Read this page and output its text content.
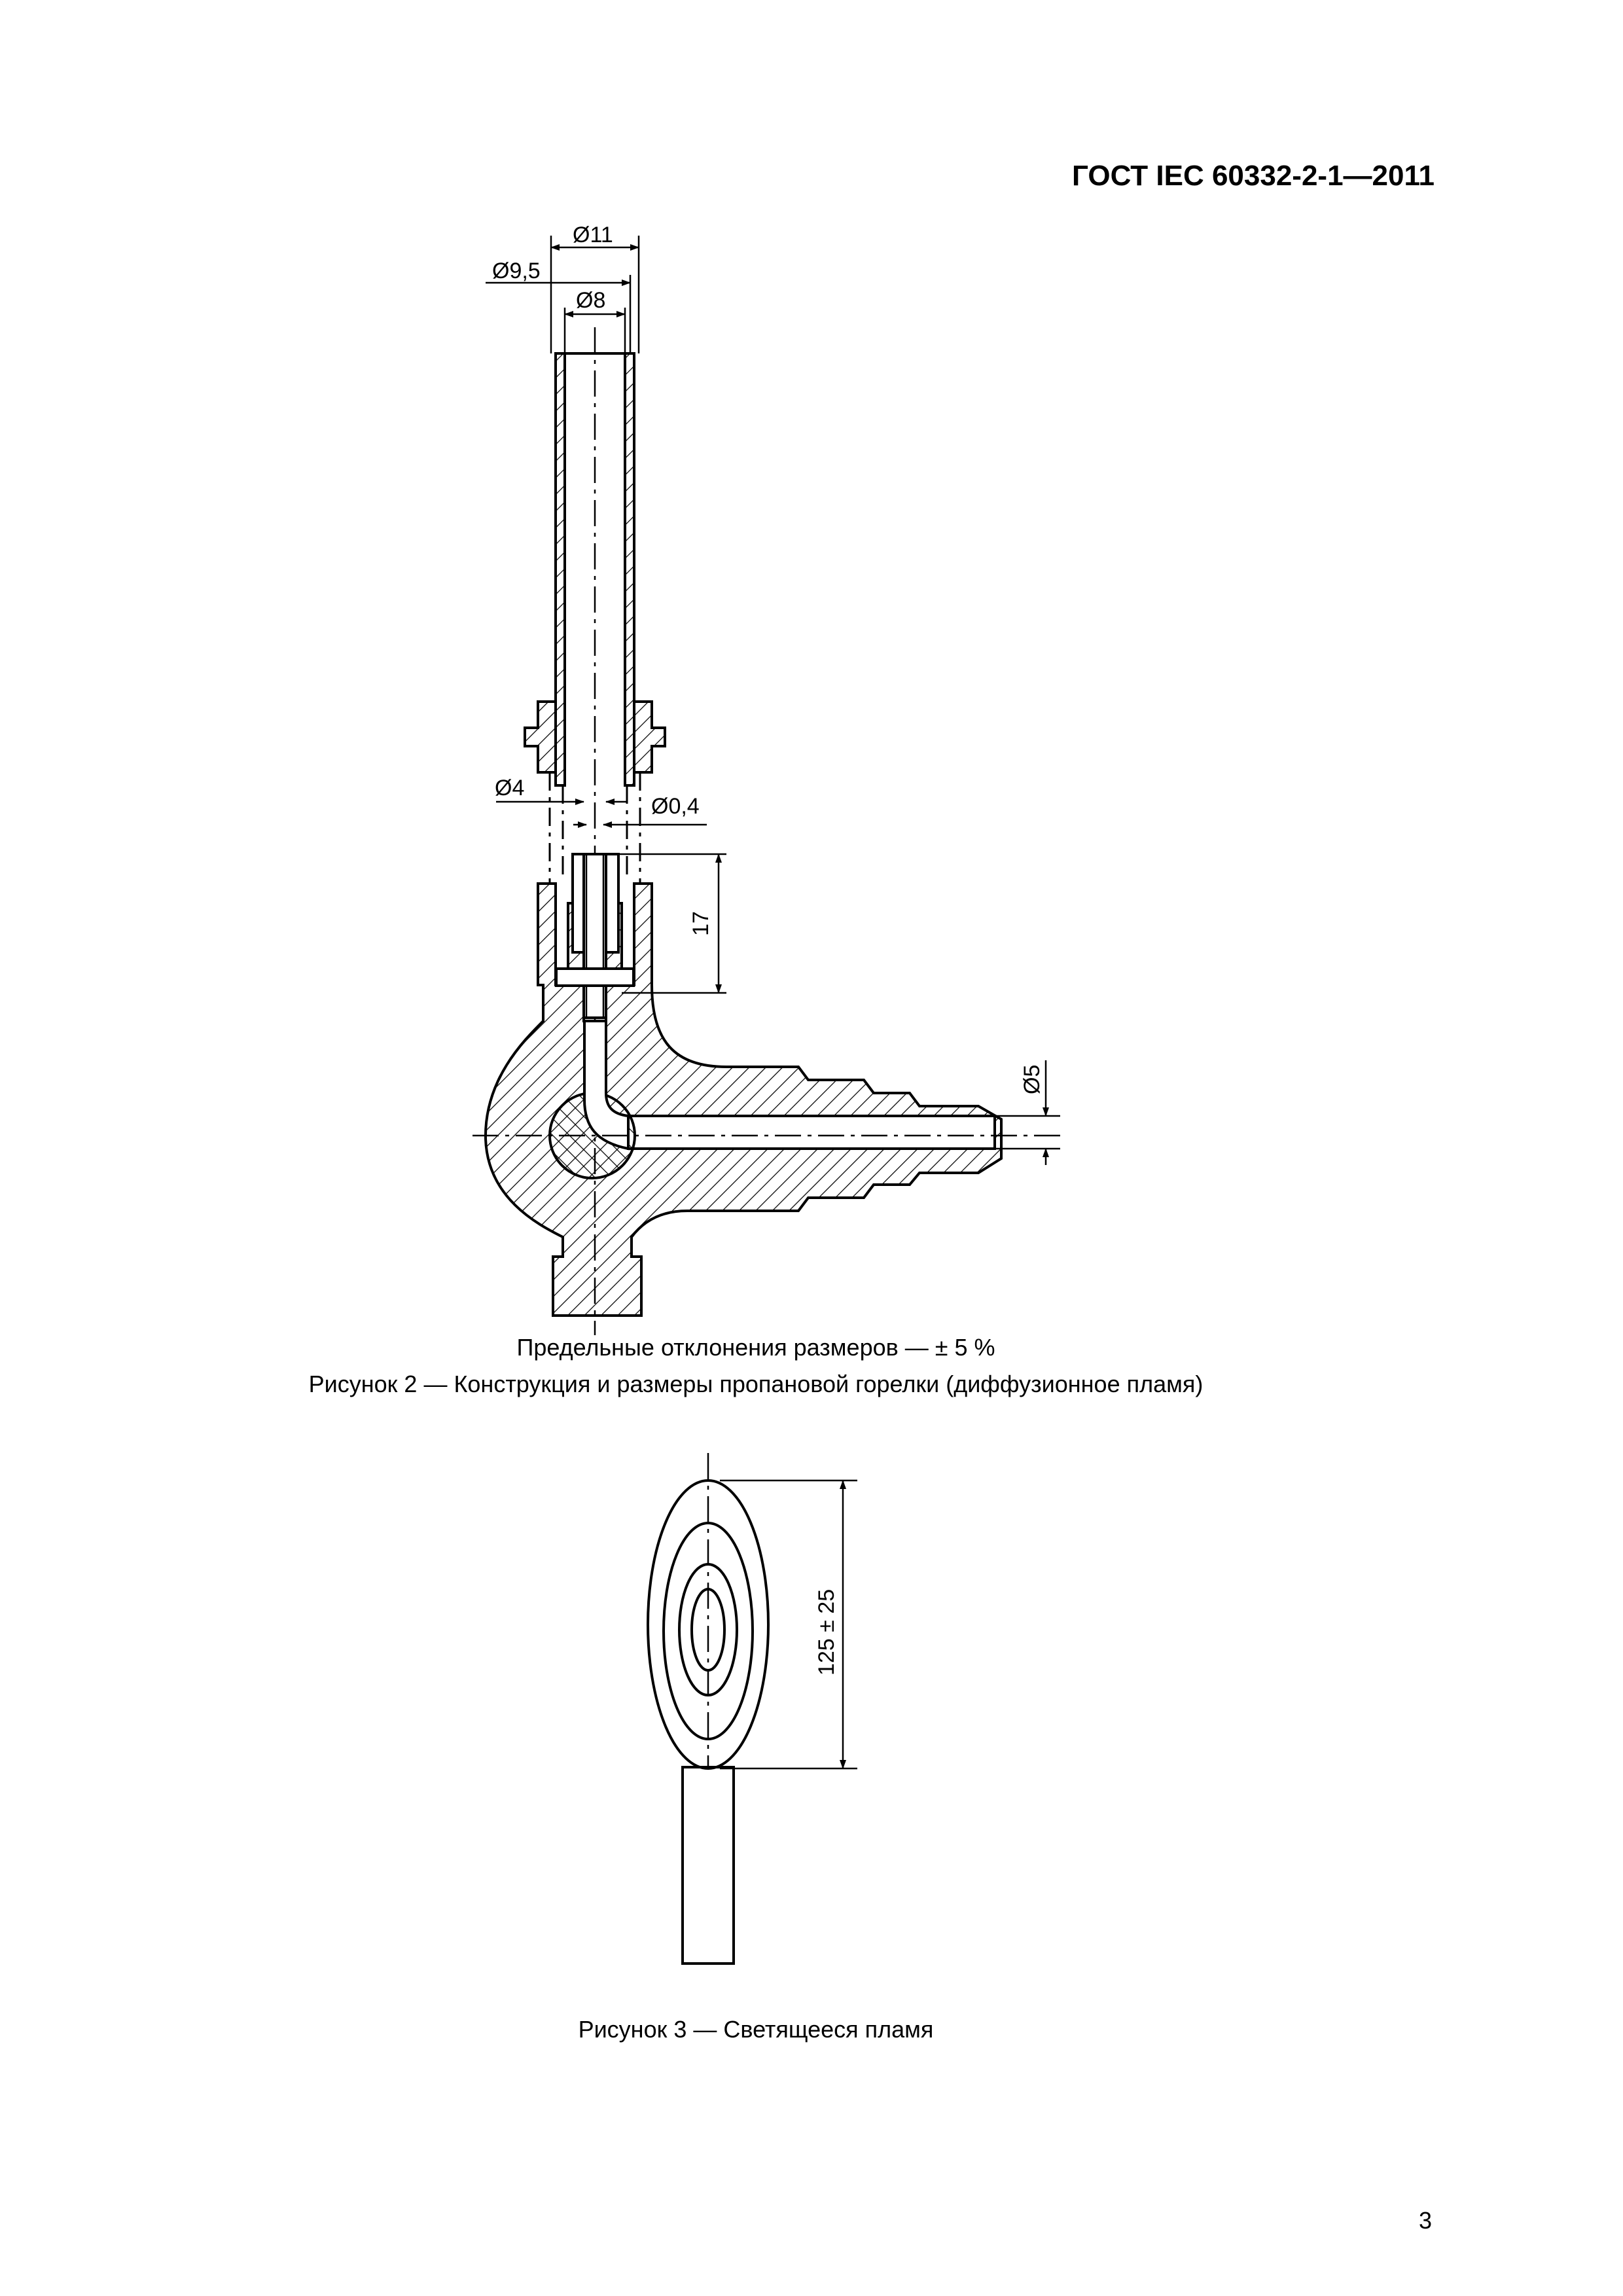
ГОСТ IEC 60332-2-1—2011
Ø11
Ø9,5
Ø8
Ø4
Ø0,4
17
Ø5
125 ± 25
Предельные отклонения размеров — ± 5 %
Рисунок 2 — Конструкция и размеры пропановой горелки (диффузионное пламя)
Рисунок 3 — Светящееся пламя
3
